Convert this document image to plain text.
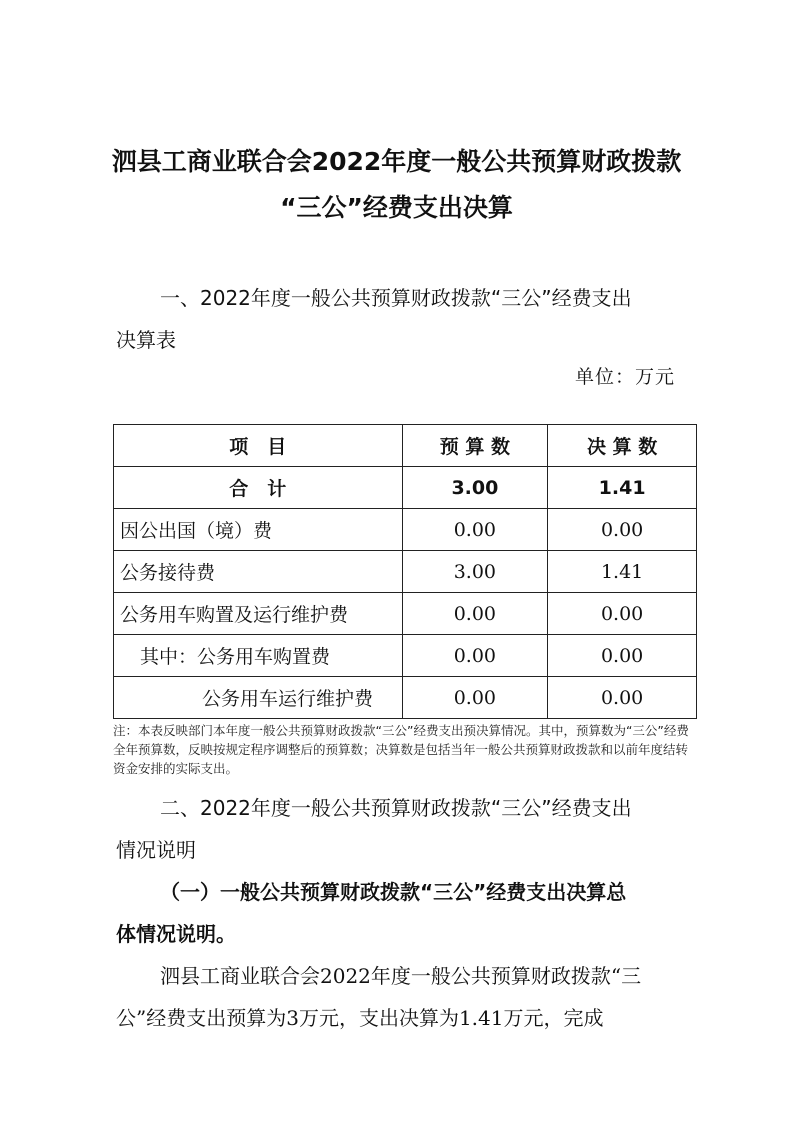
泗县工商业联合会2022年度一般公共预算财政拨款
“三公”经费支出决算
一、2022年度一般公共预算财政拨款“三公”经费支出
决算表
单位：万元
项　目	预 算 数	决 算 数
合　计	3.00	1.41
因公出国（境）费	0.00	0.00
公务接待费	3.00	1.41
公务用车购置及运行维护费	0.00	0.00
其中：公务用车购置费	0.00	0.00
公务用车运行维护费	0.00	0.00
注：本表反映部门本年度一般公共预算财政拨款“三公”经费支出预决算情况。其中，预算数为“三公”经费全年预算数，反映按规定程序调整后的预算数；决算数是包括当年一般公共预算财政拨款和以前年度结转资金安排的实际支出。
二、2022年度一般公共预算财政拨款“三公”经费支出
情况说明
（一）一般公共预算财政拨款“三公”经费支出决算总
体情况说明。
泗县工商业联合会2022年度一般公共预算财政拨款“三
公”经费支出预算为3万元，支出决算为1.41万元，完成
